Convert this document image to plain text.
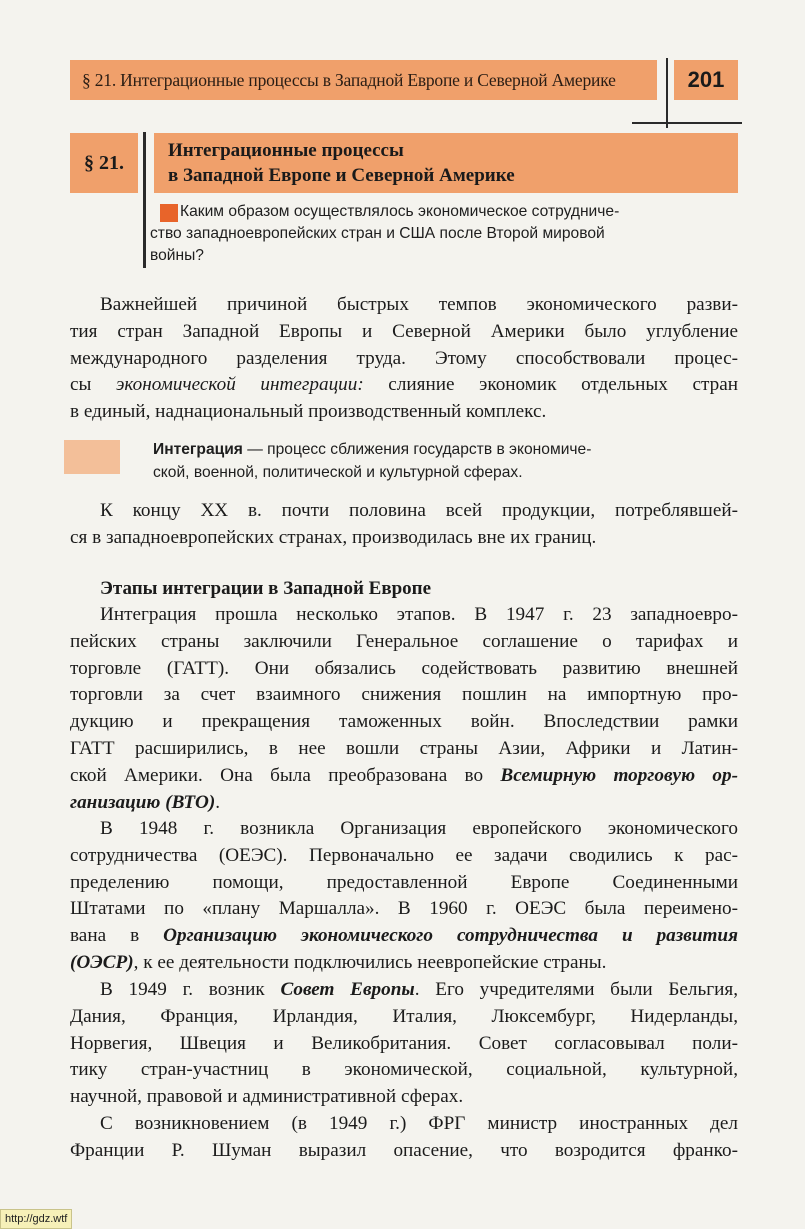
§ 21. Интеграционные процессы в Западной Европе и Северной Америке	201
§ 21.
Интеграционные процессы
в Западной Европе и Северной Америке
Каким образом осуществлялось экономическое сотрудниче-
ство западноевропейских стран и США после Второй мировой
войны?
Важнейшей причиной быстрых темпов экономического разви-
тия стран Западной Европы и Северной Америки было углубление
международного разделения труда. Этому способствовали процес-
сы экономической интеграции: слияние экономик отдельных стран
в единый, наднациональный производственный комплекс.
Интеграция — процесс сближения государств в экономиче-
ской, военной, политической и культурной сферах.
К концу XX в. почти половина всей продукции, потреблявшей-
ся в западноевропейских странах, производилась вне их границ.
Этапы интеграции в Западной Европе
Интеграция прошла несколько этапов. В 1947 г. 23 западноевро-
пейских страны заключили Генеральное соглашение о тарифах и
торговле (ГАТТ). Они обязались содействовать развитию внешней
торговли за счет взаимного снижения пошлин на импортную про-
дукцию и прекращения таможенных войн. Впоследствии рамки
ГАТТ расширились, в нее вошли страны Азии, Африки и Латин-
ской Америки. Она была преобразована во Всемирную торговую ор-
ганизацию (ВТО).
В 1948 г. возникла Организация европейского экономического
сотрудничества (ОЕЭС). Первоначально ее задачи сводились к рас-
пределению помощи, предоставленной Европе Соединенными
Штатами по «плану Маршалла». В 1960 г. ОЕЭС была переимено-
вана в Организацию экономического сотрудничества и развития
(ОЭСР), к ее деятельности подключились неевропейские страны.
В 1949 г. возник Совет Европы. Его учредителями были Бельгия,
Дания, Франция, Ирландия, Италия, Люксембург, Нидерланды,
Норвегия, Швеция и Великобритания. Совет согласовывал поли-
тику стран-участниц в экономической, социальной, культурной,
научной, правовой и административной сферах.
С возникновением (в 1949 г.) ФРГ министр иностранных дел
Франции Р. Шуман выразил опасение, что возродится франко-
http://gdz.wtf
